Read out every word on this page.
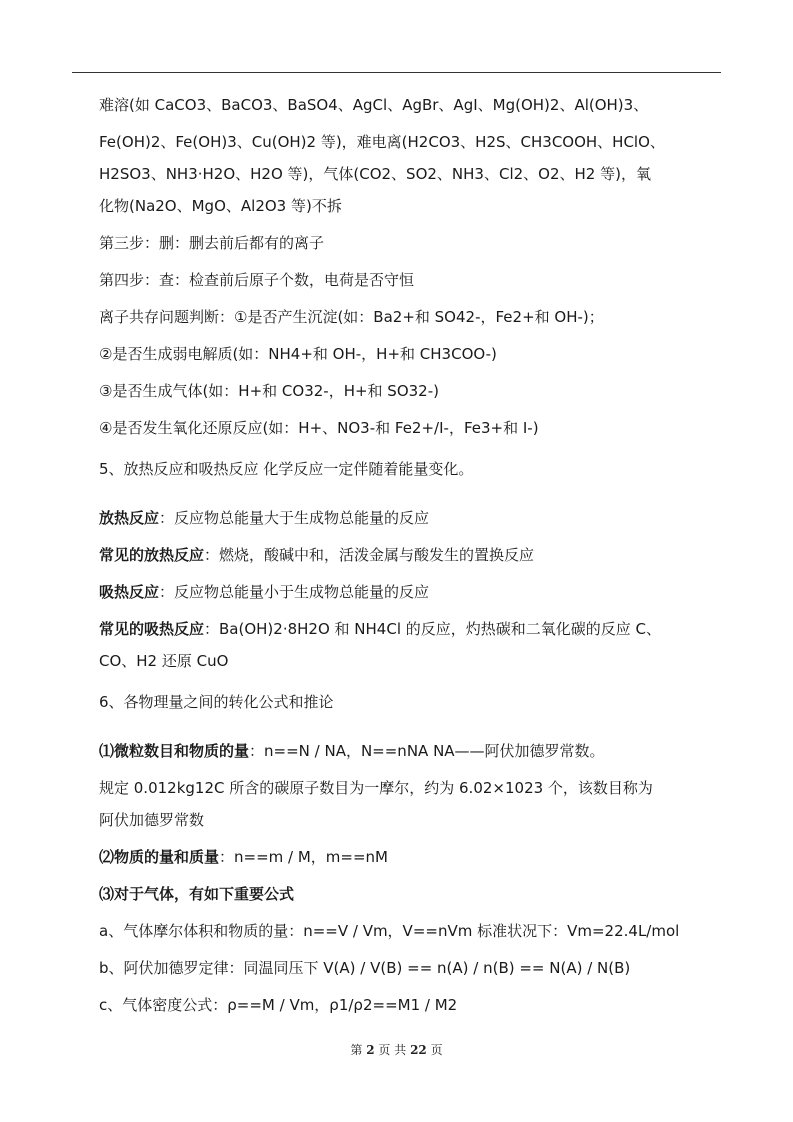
难溶(如 CaCO3、BaCO3、BaSO4、AgCl、AgBr、AgI、Mg(OH)2、Al(OH)3、
Fe(OH)2、Fe(OH)3、Cu(OH)2 等)，难电离(H2CO3、H2S、CH3COOH、HClO、
H2SO3、NH3·H2O、H2O 等)，气体(CO2、SO2、NH3、Cl2、O2、H2 等)，氧
化物(Na2O、MgO、Al2O3 等)不拆
第三步：删：删去前后都有的离子
第四步：查：检查前后原子个数，电荷是否守恒
离子共存问题判断：①是否产生沉淀(如：Ba2+和 SO42-，Fe2+和 OH-)；
②是否生成弱电解质(如：NH4+和 OH-，H+和 CH3COO-)
③是否生成气体(如：H+和 CO32-，H+和 SO32-)
④是否发生氧化还原反应(如：H+、NO3-和 Fe2+/I-，Fe3+和 I-)
5、放热反应和吸热反应 化学反应一定伴随着能量变化。
放热反应：反应物总能量大于生成物总能量的反应
常见的放热反应：燃烧，酸碱中和，活泼金属与酸发生的置换反应
吸热反应：反应物总能量小于生成物总能量的反应
常见的吸热反应：Ba(OH)2·8H2O 和 NH4Cl 的反应，灼热碳和二氧化碳的反应 C、
CO、H2 还原 CuO
6、各物理量之间的转化公式和推论
⑴微粒数目和物质的量：n==N / NA，N==nNA NA——阿伏加德罗常数。
规定 0.012kg12C 所含的碳原子数目为一摩尔，约为 6.02×1023 个，该数目称为
阿伏加德罗常数
⑵物质的量和质量：n==m / M，m==nM
⑶对于气体，有如下重要公式
a、气体摩尔体积和物质的量：n==V / Vm，V==nVm 标准状况下：Vm=22.4L/mol
b、阿伏加德罗定律：同温同压下 V(A) / V(B) == n(A) / n(B) == N(A) / N(B)
c、气体密度公式：ρ==M / Vm，ρ1/ρ2==M1 / M2
第 2 页 共 22 页
